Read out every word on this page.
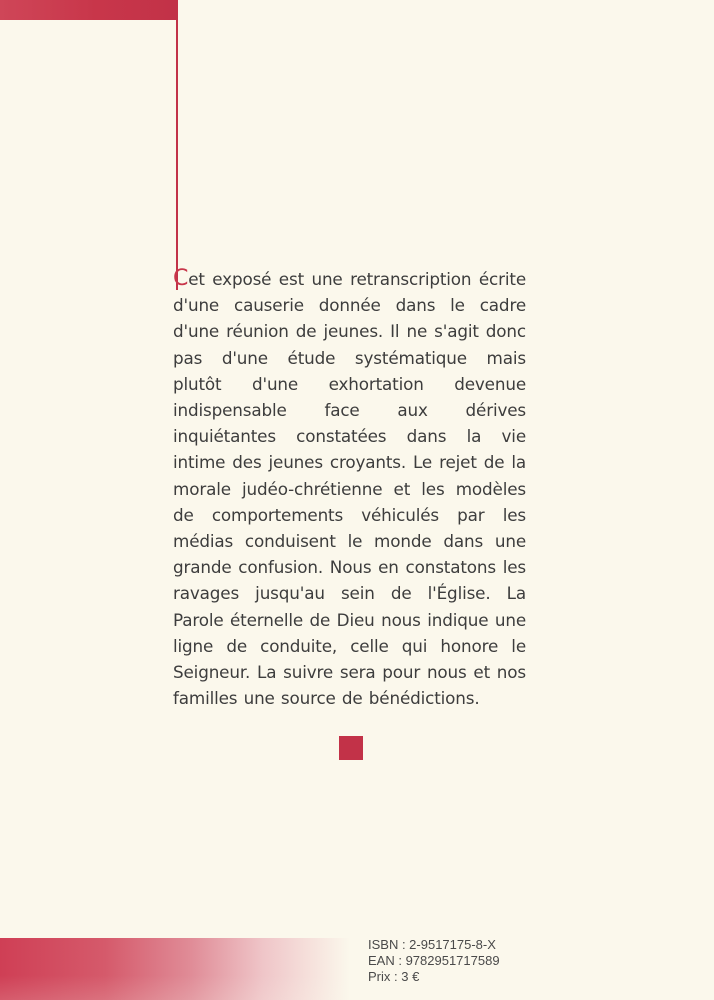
Cet exposé est une retranscription écrite d'une causerie donnée dans le cadre d'une réunion de jeunes. Il ne s'agit donc pas d'une étude systématique mais plutôt d'une exhortation devenue indispensable face aux dérives inquiétantes constatées dans la vie intime des jeunes croyants. Le rejet de la morale judéo-chrétienne et les modèles de comportements véhiculés par les médias conduisent le monde dans une grande confusion. Nous en constatons les ravages jusqu'au sein de l'Église. La Parole éternelle de Dieu nous indique une ligne de conduite, celle qui honore le Seigneur. La suivre sera pour nous et nos familles une source de bénédictions.
ISBN : 2-9517175-8-X
EAN : 9782951717589
Prix : 3 €
